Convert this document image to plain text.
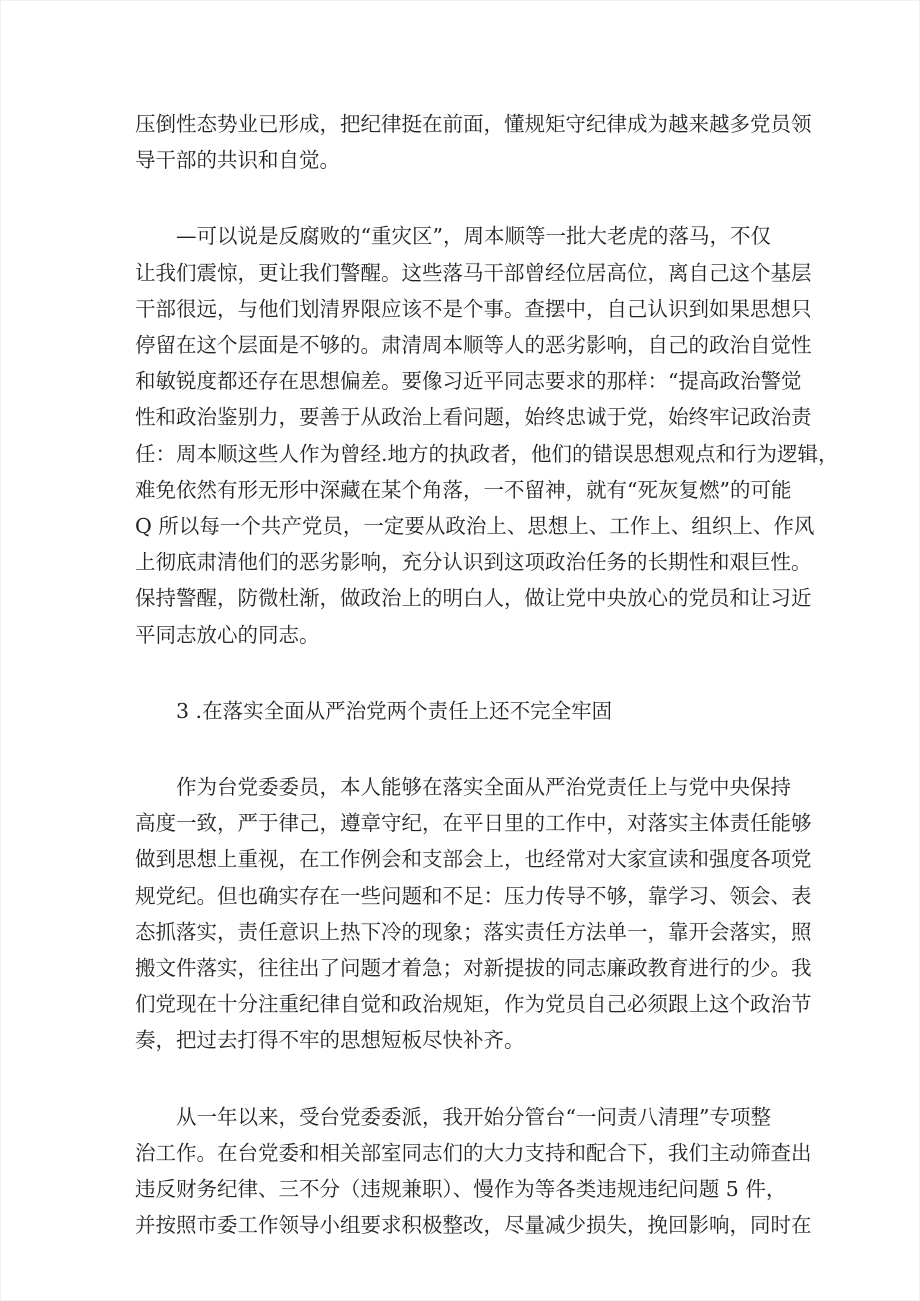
压倒性态势业已形成，把纪律挺在前面，懂规矩守纪律成为越来越多党员领
导干部的共识和自觉。

—可以说是反腐败的“重灾区”，周本顺等一批大老虎的落马，不仅
让我们震惊，更让我们警醒。这些落马干部曾经位居高位，离自己这个基层
干部很远，与他们划清界限应该不是个事。查摆中，自己认识到如果思想只
停留在这个层面是不够的。肃清周本顺等人的恶劣影响，自己的政治自觉性
和敏锐度都还存在思想偏差。要像习近平同志要求的那样：“提高政治警觉
性和政治鉴别力，要善于从政治上看问题，始终忠诚于党，始终牢记政治责
任：周本顺这些人作为曾经.地方的执政者，他们的错误思想观点和行为逻辑，
难免依然有形无形中深藏在某个角落，一不留神，就有“死灰复燃”的可能
Q 所以每一个共产党员，一定要从政治上、思想上、工作上、组织上、作风
上彻底肃清他们的恶劣影响，充分认识到这项政治任务的长期性和艰巨性。
保持警醒，防微杜渐，做政治上的明白人，做让党中央放心的党员和让习近
平同志放心的同志。

3 .在落实全面从严治党两个责任上还不完全牢固

作为台党委委员，本人能够在落实全面从严治党责任上与党中央保持
高度一致，严于律己，遵章守纪，在平日里的工作中，对落实主体责任能够
做到思想上重视，在工作例会和支部会上，也经常对大家宣读和强度各项党
规党纪。但也确实存在一些问题和不足：压力传导不够，靠学习、领会、表
态抓落实，责任意识上热下冷的现象；落实责任方法单一，靠开会落实，照
搬文件落实，往往出了问题才着急；对新提拔的同志廉政教育进行的少。我
们党现在十分注重纪律自觉和政治规矩，作为党员自己必须跟上这个政治节
奏，把过去打得不牢的思想短板尽快补齐。

从一年以来，受台党委委派，我开始分管台“一问责八清理”专项整
治工作。在台党委和相关部室同志们的大力支持和配合下，我们主动筛查出
违反财务纪律、三不分（违规兼职）、慢作为等各类违规违纪问题 5 件，
并按照市委工作领导小组要求积极整改，尽量减少损失，挽回影响，同时在
